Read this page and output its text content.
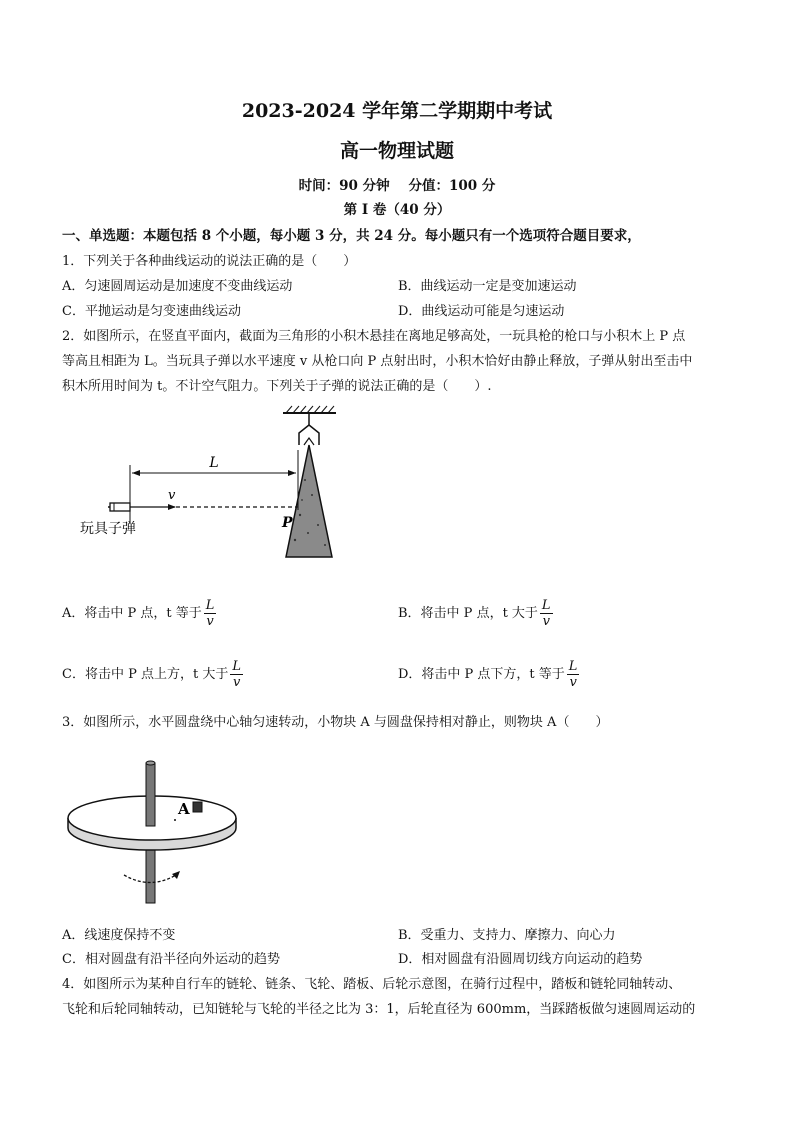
2023-2024 学年第二学期期中考试
高一物理试题
时间：90 分钟    分值：100 分
第 I 卷（40 分）
一、单选题：本题包括 8 个小题，每小题 3 分，共 24 分。每小题只有一个选项符合题目要求，
1．下列关于各种曲线运动的说法正确的是（　　）
A．匀速圆周运动是加速度不变曲线运动	B．曲线运动一定是变加速运动
C．平抛运动是匀变速曲线运动	D．曲线运动可能是匀速运动
2．如图所示，在竖直平面内，截面为三角形的小积木悬挂在离地足够高处，一玩具枪的枪口与小积木上 P 点
等高且相距为 L。当玩具子弹以水平速度 v 从枪口向 P 点射出时，小积木恰好由静止释放，子弹从射出至击中
积木所用时间为 t。不计空气阻力。下列关于子弹的说法正确的是（　　）.
L
v
P
玩具子弹
A．将击中 P 点，t 等于 $\frac{L}{v}$	B．将击中 P 点，t 大于 $\frac{L}{v}$
C．将击中 P 点上方，t 大于 $\frac{L}{v}$	D．将击中 P 点下方，t 等于 $\frac{L}{v}$
3．如图所示，水平圆盘绕中心轴匀速转动，小物块 A 与圆盘保持相对静止，则物块 A（　　）
A
A．线速度保持不变	B．受重力、支持力、摩擦力、向心力
C．相对圆盘有沿半径向外运动的趋势	D．相对圆盘有沿圆周切线方向运动的趋势
4．如图所示为某种自行车的链轮、链条、飞轮、踏板、后轮示意图，在骑行过程中，踏板和链轮同轴转动、
飞轮和后轮同轴转动，已知链轮与飞轮的半径之比为 3：1，后轮直径为 600mm，当踩踏板做匀速圆周运动的
